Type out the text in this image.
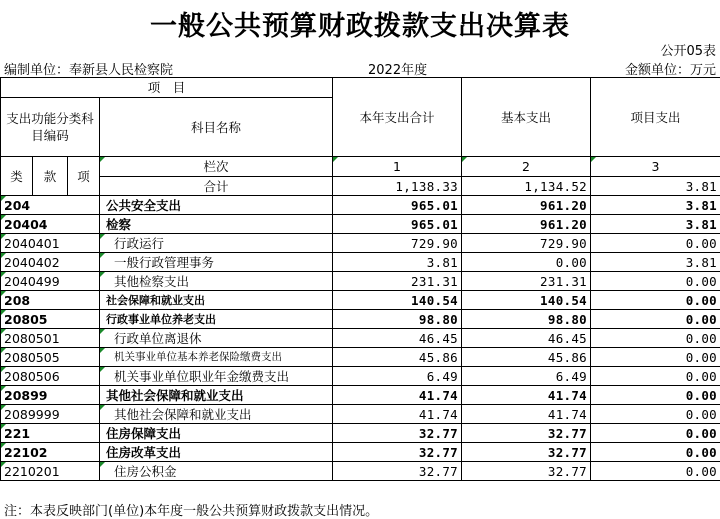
一般公共预算财政拨款支出决算表
公开05表
编制单位：奉新县人民检察院	2022年度	金额单位：万元
项　目				本年支出合计	基本支出	项目支出
支出功能分类科目编码			科目名称			

类	款	项	栏次	1	2	3
			合计	1,138.33	1,134.52	3.81
204			公共安全支出	965.01	961.20	3.81
20404			检察	965.01	961.20	3.81
2040401			行政运行	729.90	729.90	0.00
2040402			一般行政管理事务	3.81	0.00	3.81
2040499			其他检察支出	231.31	231.31	0.00
208			社会保障和就业支出	140.54	140.54	0.00
20805			行政事业单位养老支出	98.80	98.80	0.00
2080501			行政单位离退休	46.45	46.45	0.00
2080505			机关事业单位基本养老保险缴费支出	45.86	45.86	0.00
2080506			机关事业单位职业年金缴费支出	6.49	6.49	0.00
20899			其他社会保障和就业支出	41.74	41.74	0.00
2089999			其他社会保障和就业支出	41.74	41.74	0.00
221			住房保障支出	32.77	32.77	0.00
22102			住房改革支出	32.77	32.77	0.00
2210201			住房公积金	32.77	32.77	0.00
注：本表反映部门(单位)本年度一般公共预算财政拨款支出情况。
